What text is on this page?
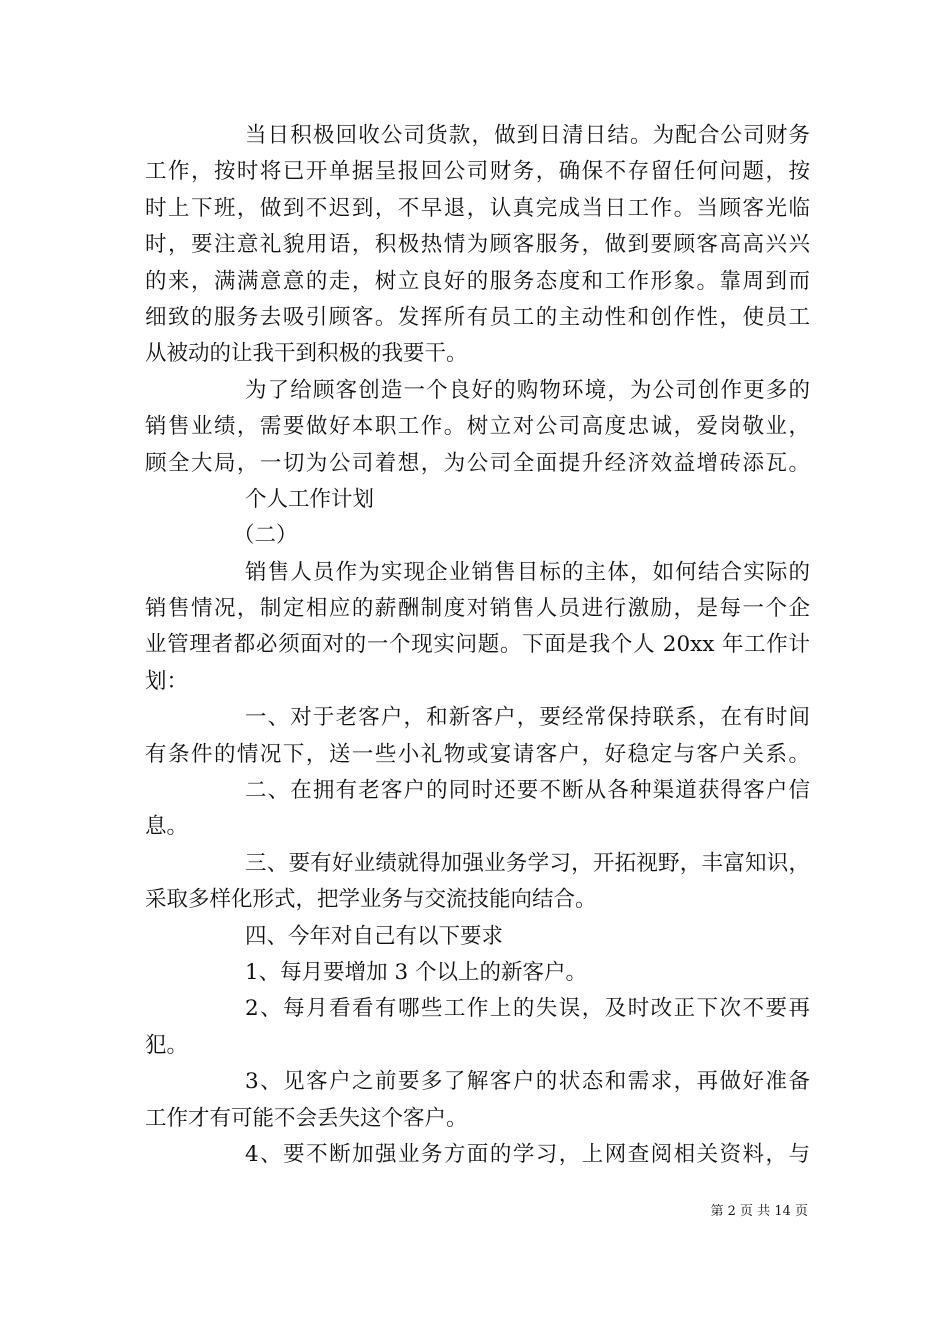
当日积极回收公司货款，做到日清日结。为配合公司财务
工作，按时将已开单据呈报回公司财务，确保不存留任何问题，按
时上下班，做到不迟到，不早退，认真完成当日工作。当顾客光临
时，要注意礼貌用语，积极热情为顾客服务，做到要顾客高高兴兴
的来，满满意意的走，树立良好的服务态度和工作形象。靠周到而
细致的服务去吸引顾客。发挥所有员工的主动性和创作性，使员工
从被动的让我干到积极的我要干。
为了给顾客创造一个良好的购物环境，为公司创作更多的
销售业绩，需要做好本职工作。树立对公司高度忠诚，爱岗敬业，
顾全大局，一切为公司着想，为公司全面提升经济效益增砖添瓦。
个人工作计划
（二）
销售人员作为实现企业销售目标的主体，如何结合实际的
销售情况，制定相应的薪酬制度对销售人员进行激励，是每一个企
业管理者都必须面对的一个现实问题。下面是我个人 20xx 年工作计
划：
一、对于老客户，和新客户，要经常保持联系，在有时间
有条件的情况下，送一些小礼物或宴请客户，好稳定与客户关系。
二、在拥有老客户的同时还要不断从各种渠道获得客户信
息。
三、要有好业绩就得加强业务学习，开拓视野，丰富知识，
采取多样化形式，把学业务与交流技能向结合。
四、今年对自己有以下要求
1、每月要增加 3 个以上的新客户。
2、每月看看有哪些工作上的失误，及时改正下次不要再
犯。
3、见客户之前要多了解客户的状态和需求，再做好准备
工作才有可能不会丢失这个客户。
4、要不断加强业务方面的学习，上网查阅相关资料，与
第 2 页 共 14 页
